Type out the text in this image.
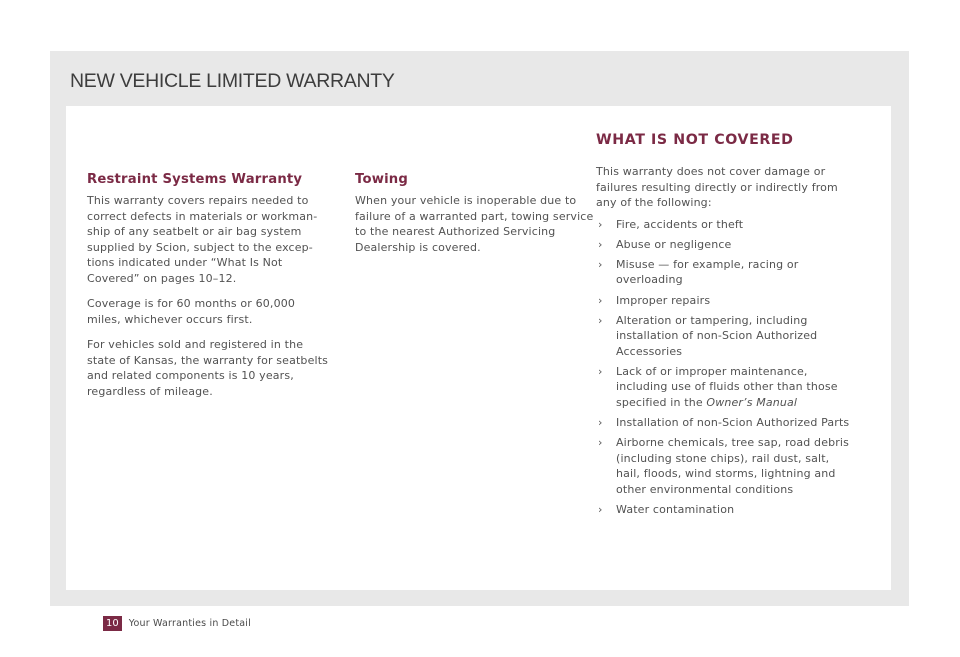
NEW VEHICLE LIMITED WARRANTY
Restraint Systems Warranty

This warranty covers repairs needed to correct defects in materials or workman-ship of any seatbelt or air bag system supplied by Scion, subject to the excep-tions indicated under “What Is Not Covered” on pages 10–12.

Coverage is for 60 months or 60,000 miles, whichever occurs first.

For vehicles sold and registered in the state of Kansas, the warranty for seatbelts and related components is 10 years, regardless of mileage.

Towing

When your vehicle is inoperable due to failure of a warranted part, towing service to the nearest Authorized Servicing Dealership is covered.

WHAT IS NOT COVERED

This warranty does not cover damage or failures resulting directly or indirectly from any of the following:

› Fire, accidents or theft
› Abuse or negligence
› Misuse — for example, racing or overloading
› Improper repairs
› Alteration or tampering, including installation of non-Scion Authorized Accessories
› Lack of or improper maintenance, including use of fluids other than those specified in the Owner’s Manual
› Installation of non-Scion Authorized Parts
› Airborne chemicals, tree sap, road debris (including stone chips), rail dust, salt, hail, floods, wind storms, lightning and other environmental conditions
› Water contamination
10	Your Warranties in Detail
